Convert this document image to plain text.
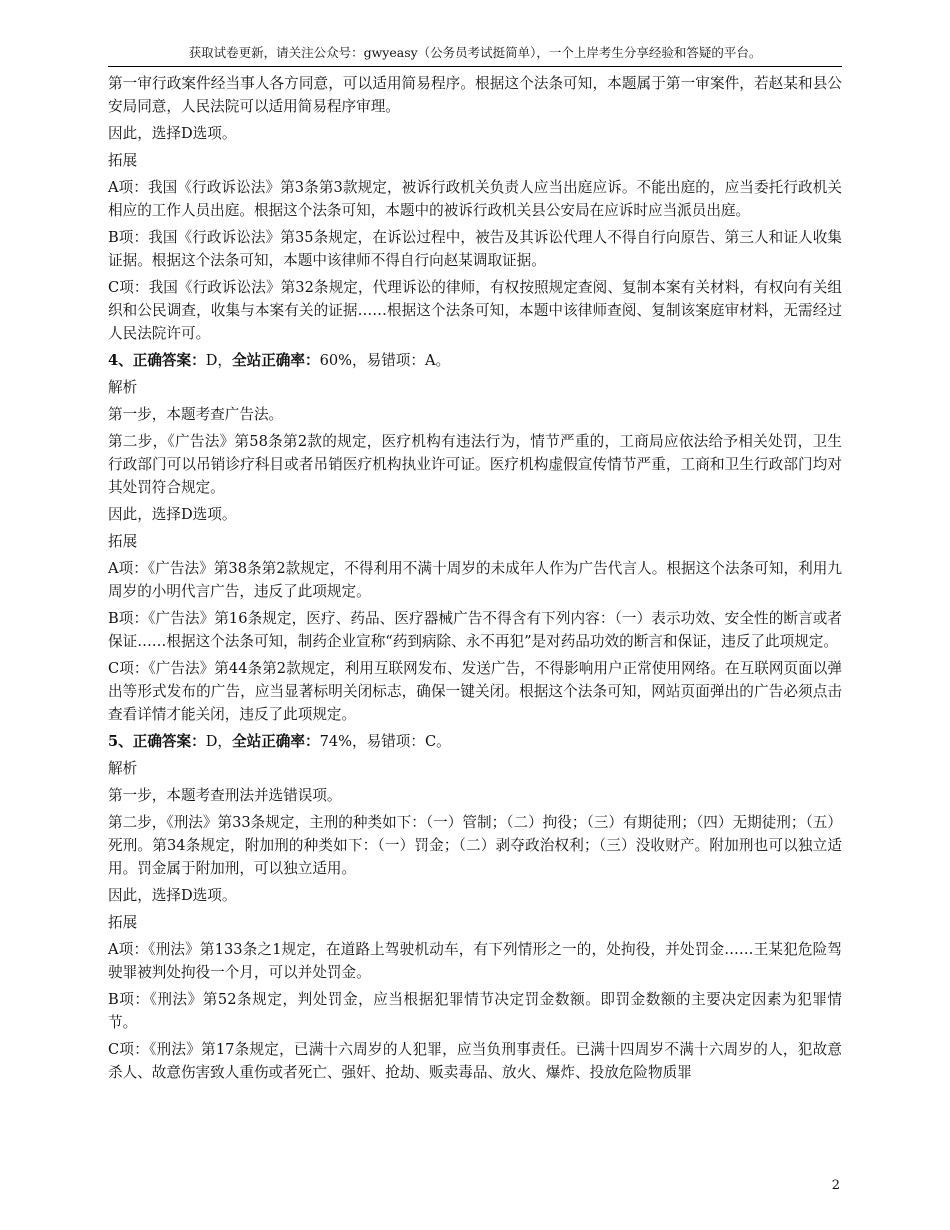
获取试卷更新，请关注公众号：gwyeasy（公务员考试挺简单），一个上岸考生分享经验和答疑的平台。
第一审行政案件经当事人各方同意，可以适用简易程序。根据这个法条可知，本题属于第一审案件，若赵某和县公安局同意，人民法院可以适用简易程序审理。
因此，选择D选项。
拓展
A项：我国《行政诉讼法》第3条第3款规定，被诉行政机关负责人应当出庭应诉。不能出庭的，应当委托行政机关相应的工作人员出庭。根据这个法条可知，本题中的被诉行政机关县公安局在应诉时应当派员出庭。
B项：我国《行政诉讼法》第35条规定，在诉讼过程中，被告及其诉讼代理人不得自行向原告、第三人和证人收集证据。根据这个法条可知，本题中该律师不得自行向赵某调取证据。
C项：我国《行政诉讼法》第32条规定，代理诉讼的律师，有权按照规定查阅、复制本案有关材料，有权向有关组织和公民调查，收集与本案有关的证据……根据这个法条可知，本题中该律师查阅、复制该案庭审材料，无需经过人民法院许可。
4、正确答案：D，全站正确率：60%，易错项：A。
解析
第一步，本题考查广告法。
第二步，《广告法》第58条第2款的规定，医疗机构有违法行为，情节严重的，工商局应依法给予相关处罚，卫生行政部门可以吊销诊疗科目或者吊销医疗机构执业许可证。医疗机构虚假宣传情节严重，工商和卫生行政部门均对其处罚符合规定。
因此，选择D选项。
拓展
A项：《广告法》第38条第2款规定，不得利用不满十周岁的未成年人作为广告代言人。根据这个法条可知，利用九周岁的小明代言广告，违反了此项规定。
B项：《广告法》第16条规定，医疗、药品、医疗器械广告不得含有下列内容：（一）表示功效、安全性的断言或者保证……根据这个法条可知，制药企业宣称“药到病除、永不再犯”是对药品功效的断言和保证，违反了此项规定。
C项：《广告法》第44条第2款规定，利用互联网发布、发送广告，不得影响用户正常使用网络。在互联网页面以弹出等形式发布的广告，应当显著标明关闭标志，确保一键关闭。根据这个法条可知，网站页面弹出的广告必须点击查看详情才能关闭，违反了此项规定。
5、正确答案：D，全站正确率：74%，易错项：C。
解析
第一步，本题考查刑法并选错误项。
第二步，《刑法》第33条规定，主刑的种类如下：（一）管制；（二）拘役；（三）有期徒刑；（四）无期徒刑；（五）死刑。第34条规定，附加刑的种类如下：（一）罚金；（二）剥夺政治权利；（三）没收财产。附加刑也可以独立适用。罚金属于附加刑，可以独立适用。
因此，选择D选项。
拓展
A项：《刑法》第133条之1规定，在道路上驾驶机动车，有下列情形之一的，处拘役，并处罚金……王某犯危险驾驶罪被判处拘役一个月，可以并处罚金。
B项：《刑法》第52条规定，判处罚金，应当根据犯罪情节决定罚金数额。即罚金数额的主要决定因素为犯罪情节。
C项：《刑法》第17条规定，已满十六周岁的人犯罪，应当负刑事责任。已满十四周岁不满十六周岁的人，犯故意杀人、故意伤害致人重伤或者死亡、强奸、抢劫、贩卖毒品、放火、爆炸、投放危险物质罪
2
